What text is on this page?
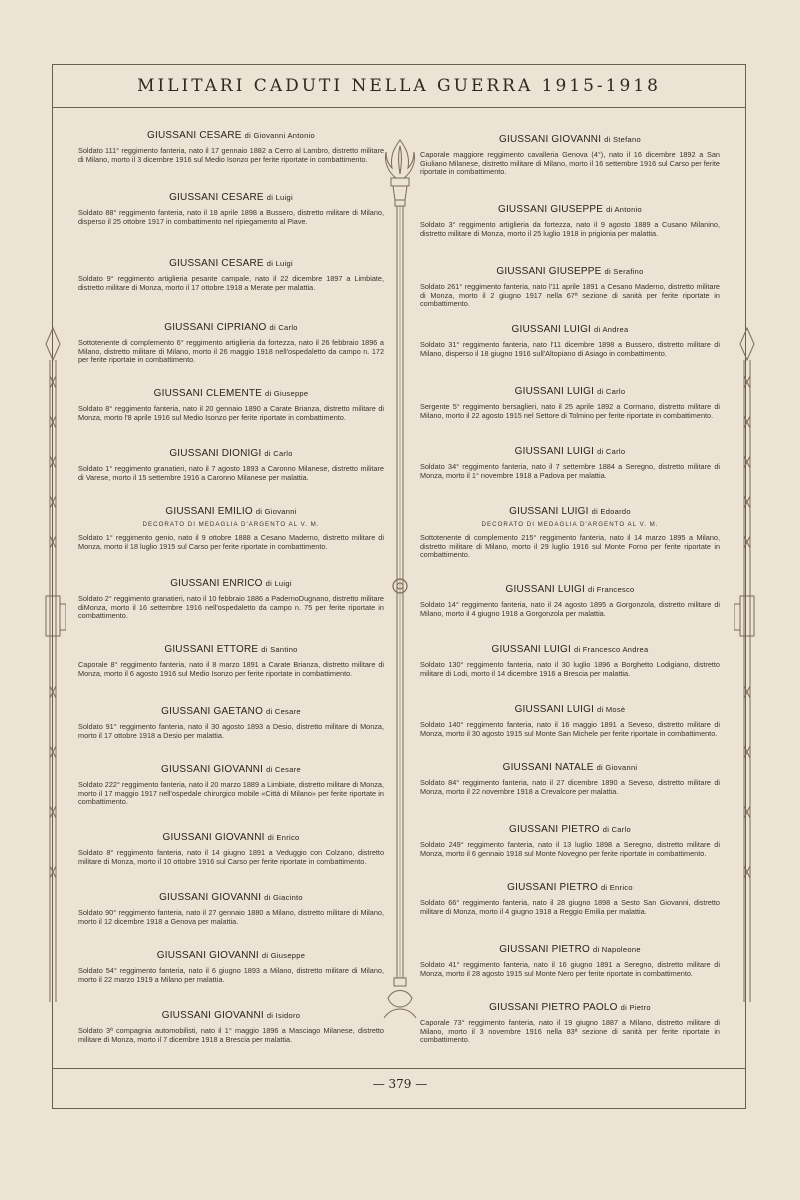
MILITARI CADUTI NELLA GUERRA 1915-1918
GIUSSANI CESARE di Giovanni Antonio
Soldato 111° reggimento fanteria, nato il 17 gennaio 1882 a Cerro al Lambro, distretto militare di Milano, morto il 3 dicembre 1916 sul Medio Isonzo per ferite riportate in combattimento.
GIUSSANI CESARE di Luigi
Soldato 88° reggimento fanteria, nato il 18 aprile 1898 a Bussero, distretto militare di Milano, disperso il 25 ottobre 1917 in combattimento nel ripiegamento al Piave.
GIUSSANI CESARE di Luigi
Soldato 9° reggimento artiglieria pesante campale, nato il 22 dicembre 1897 a Limbiate, distretto militare di Monza, morto il 17 ottobre 1918 a Merate per malattia.
GIUSSANI CIPRIANO di Carlo
Sottotenente di complemento 6° reggimento artiglieria da fortezza, nato il 26 febbraio 1896 a Milano, distretto militare di Milano, morto il 26 maggio 1918 nell'ospedaletto da campo n. 172 per ferite riportate in combattimento.
GIUSSANI CLEMENTE di Giuseppe
Soldato 8° reggimento fanteria, nato il 20 gennaio 1890 a Carate Brianza, distretto militare di Monza, morto l'8 aprile 1916 sul Medio Isonzo per ferite riportate in combattimento.
GIUSSANI DIONIGI di Carlo
Soldato 1° reggimento granatieri, nato il 7 agosto 1893 a Caronno Milanese, distretto militare di Varese, morto il 15 settembre 1916 a Caronno Milanese per malattia.
GIUSSANI EMILIO di Giovanni
DECORATO DI MEDAGLIA D'ARGENTO AL V. M.
Soldato 1° reggimento genio, nato il 9 ottobre 1888 a Cesano Maderno, distretto militare di Monza, morto il 18 luglio 1915 sul Carso per ferite riportate in combattimento.
GIUSSANI ENRICO di Luigi
Soldato 2° reggimento granatieri, nato il 10 febbraio 1886 a PadernoDugnano, distretto militare diMonza, morto il 16 settembre 1916 nell'ospedaletto da campo n. 75 per ferite riportate in combattimento.
GIUSSANI ETTORE di Santino
Caporale 8° reggimento fanteria, nato il 8 marzo 1891 a Carate Brianza, distretto militare di Monza, morto il 6 agosto 1916 sul Medio Isonzo per ferite riportate in combattimento.
GIUSSANI GAETANO di Cesare
Soldato 91° reggimento fanteria, nato il 30 agosto 1893 a Desio, distretto militare di Monza, morto il 17 ottobre 1918 a Desio per malattia.
GIUSSANI GIOVANNI di Cesare
Soldato 222° reggimento fanteria, nato il 20 marzo 1889 a Limbiate, distretto militare di Monza, morto il 17 maggio 1917 nell'ospedale chirurgico mobile «Città di Milano» per ferite riportate in combattimento.
GIUSSANI GIOVANNI di Enrico
Soldato 8° reggimento fanteria, nato il 14 giugno 1891 a Veduggio con Colzano, distretto militare di Monza, morto il 10 ottobre 1916 sul Carso per ferite riportate in combattimento.
GIUSSANI GIOVANNI di Giacinto
Soldato 90° reggimento fanteria, nato il 27 gennaio 1880 a Milano, distretto militare di Milano, morto il 12 dicembre 1918 a Genova per malattia.
GIUSSANI GIOVANNI di Giuseppe
Soldato 54° reggimento fanteria, nato il 6 giugno 1893 a Milano, distretto militare di Milano, morto il 22 marzo 1919 a Milano per malattia.
GIUSSANI GIOVANNI di Isidoro
Soldato 3ª compagnia automobilisti, nato il 1° maggio 1896 a Masciago Milanese, distretto militare di Monza, morto il 7 dicembre 1918 a Brescia per malattia.
GIUSSANI GIOVANNI di Stefano
Caporale maggiore reggimento cavalleria Genova (4°), nato il 16 dicembre 1892 a San Giuliano Milanese, distretto militare di Milano, morto il 16 settembre 1916 sul Carso per ferite riportate in combattimento.
GIUSSANI GIUSEPPE di Antonio
Soldato 3° reggimento artiglieria da fortezza, nato il 9 agosto 1889 a Cusano Milanino, distretto militare di Monza, morto il 25 luglio 1918 in prigionia per malattia.
GIUSSANI GIUSEPPE di Serafino
Soldato 261° reggimento fanteria, nato l'11 aprile 1891 a Cesano Maderno, distretto militare di Monza, morto il 2 giugno 1917 nella 67ª sezione di sanità per ferite riportate in combattimento.
GIUSSANI LUIGI di Andrea
Soldato 31° reggimento fanteria, nato l'11 dicembre 1898 a Bussero, distretto militare di Milano, disperso il 18 giugno 1916 sull'Altopiano di Asiago in combattimento.
GIUSSANI LUIGI di Carlo
Sergente 5° reggimento bersaglieri, nato il 25 aprile 1892 a Cormano, distretto militare di Milano, morto il 22 agosto 1915 nel Settore di Tolmino per ferite riportate in combattimento.
GIUSSANI LUIGI di Carlo
Soldato 34° reggimento fanteria, nato il 7 settembre 1884 a Seregno, distretto militare di Monza, morto il 1° novembre 1918 a Padova per malattia.
GIUSSANI LUIGI di Edoardo
DECORATO DI MEDAGLIA D'ARGENTO AL V. M.
Sottotenente di complemento 215° reggimento fanteria, nato il 14 marzo 1895 a Milano, distretto militare di Milano, morto il 29 luglio 1916 sul Monte Forno per ferite riportate in combattimento.
GIUSSANI LUIGI di Francesco
Soldato 14° reggimento fanteria, nato il 24 agosto 1895 a Gorgonzola, distretto militare di Milano, morto il 4 giugno 1918 a Gorgonzola per malattia.
GIUSSANI LUIGI di Francesco Andrea
Soldato 130° reggimento fanteria, nato il 30 luglio 1896 a Borghetto Lodigiano, distretto militare di Lodi, morto il 14 dicembre 1916 a Brescia per malattia.
GIUSSANI LUIGI di Mosè
Soldato 140° reggimento fanteria, nato il 16 maggio 1891 a Seveso, distretto militare di Monza, morto il 30 agosto 1915 sul Monte San Michele per ferite riportate in combattimento.
GIUSSANI NATALE di Giovanni
Soldato 84° reggimento fanteria, nato il 27 dicembre 1890 a Seveso, distretto militare di Monza, morto il 22 novembre 1918 a Crevalcore per malattia.
GIUSSANI PIETRO di Carlo
Soldato 249° reggimento fanteria, nato il 13 luglio 1898 a Seregno, distretto militare di Monza, morto il 6 gennaio 1918 sul Monte Novegno per ferite riportate in combattimento.
GIUSSANI PIETRO di Enrico
Soldato 66° reggimento fanteria, nato il 28 giugno 1898 a Sesto San Giovanni, distretto militare di Monza, morto il 4 giugno 1918 a Reggio Emilia per malattia.
GIUSSANI PIETRO di Napoleone
Soldato 41° reggimento fanteria, nato il 16 giugno 1891 a Seregno, distretto militare di Monza, morto il 28 agosto 1915 sul Monte Nero per ferite riportate in combattimento.
GIUSSANI PIETRO PAOLO di Pietro
Caporale 73° reggimento fanteria, nato il 19 giugno 1887 a Milano, distretto militare di Milano, morto il 3 novembre 1916 nella 83ª sezione di sanità per ferite riportate in combattimento.
— 379 —
